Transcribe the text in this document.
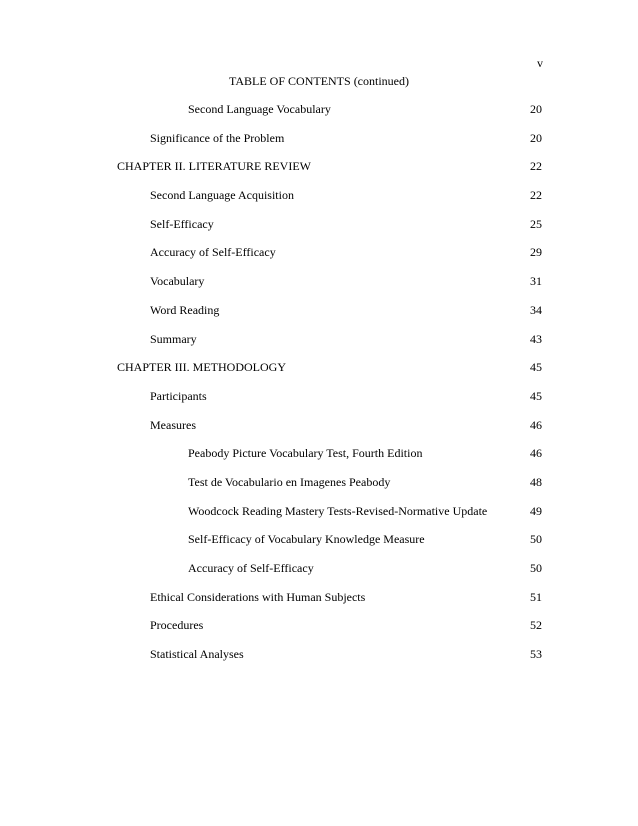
v
TABLE OF CONTENTS (continued)
Second Language Vocabulary	20
Significance of the Problem	20
CHAPTER II. LITERATURE REVIEW	22
Second Language Acquisition	22
Self-Efficacy	25
Accuracy of Self-Efficacy	29
Vocabulary	31
Word Reading	34
Summary	43
CHAPTER III. METHODOLOGY	45
Participants	45
Measures	46
Peabody Picture Vocabulary Test, Fourth Edition	46
Test de Vocabulario en Imagenes Peabody	48
Woodcock Reading Mastery Tests-Revised-Normative Update	49
Self-Efficacy of Vocabulary Knowledge Measure	50
Accuracy of Self-Efficacy	50
Ethical Considerations with Human Subjects	51
Procedures	52
Statistical Analyses	53
